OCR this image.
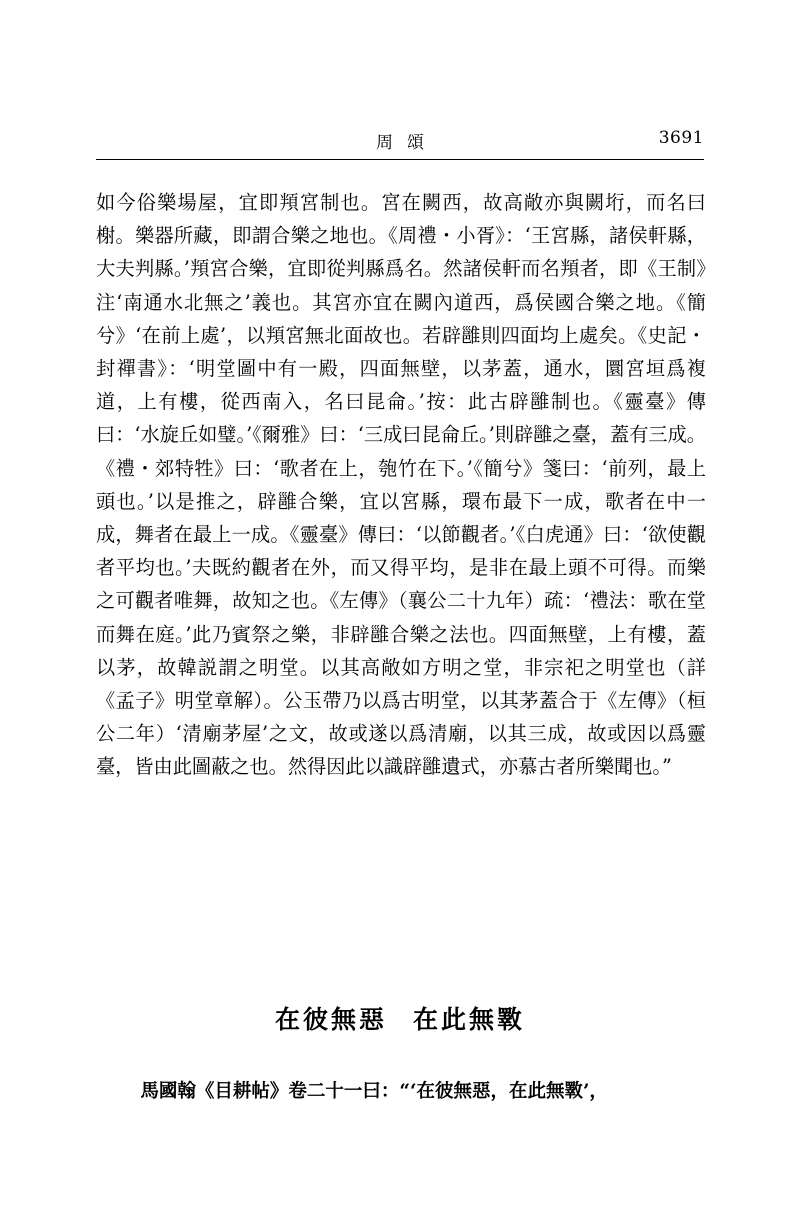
周頌	3691

如今俗樂場屋，宜即頖宮制也。宮在闕西，故高敞亦與闕垳，而名曰榭。樂器所藏，即謂合樂之地也。《周禮・小胥》：‘王宮縣，諸侯軒縣，大夫判縣。’頖宮合樂，宜即從判縣爲名。然諸侯軒而名頖者，即《王制》注‘南通水北無之’義也。其宮亦宜在闕內道西，爲侯國合樂之地。《簡兮》‘在前上處’，以頖宮無北面故也。若辟雝則四面均上處矣。《史記・封禪書》：‘明堂圖中有一殿，四面無壁，以茅蓋，通水，圜宮垣爲複道，上有樓，從西南入，名曰昆侖。’按：此古辟雝制也。《靈臺》傳曰：‘水旋丘如璧。’《爾雅》曰：‘三成曰昆侖丘。’則辟雝之臺，蓋有三成。《禮・郊特牲》曰：‘歌者在上，匏竹在下。’《簡兮》箋曰：‘前列，最上頭也。’以是推之，辟雝合樂，宜以宮縣，環布最下一成，歌者在中一成，舞者在最上一成。《靈臺》傳曰：‘以節觀者。’《白虎通》曰：‘欲使觀者平均也。’夫既約觀者在外，而又得平均，是非在最上頭不可得。而樂之可觀者唯舞，故知之也。《左傳》（襄公二十九年）疏：‘禮法：歌在堂而舞在庭。’此乃賓祭之樂，非辟雝合樂之法也。四面無壁，上有樓，蓋以茅，故韓説謂之明堂。以其高敞如方明之堂，非宗祀之明堂也（詳《孟子》明堂章解）。公玉帶乃以爲古明堂，以其茅蓋合于《左傳》（桓公二年）‘清廟茅屋’之文，故或遂以爲清廟，以其三成，故或因以爲靈臺，皆由此圖蔽之也。然得因此以識辟雝遺式，亦慕古者所樂聞也。”

在彼無惡 在此無斁

馬國翰《目耕帖》卷二十一曰：“‘在彼無惡，在此無斁’，
